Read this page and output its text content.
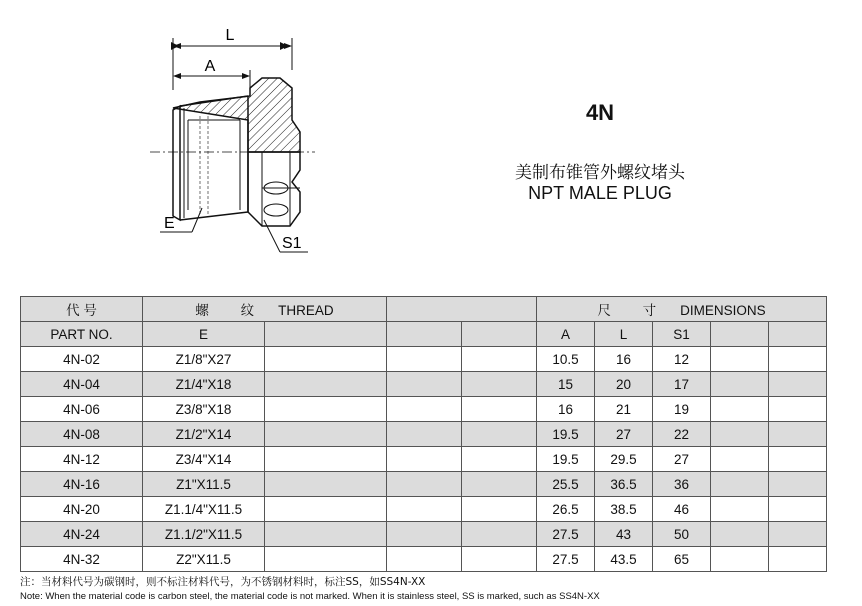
L
A
E
S1
4N
美制布锥管外螺纹堵头
NPT MALE PLUG
代 号	螺 纹 THREAD				尺 寸 DIMENSIONS				
PART NO.	E				A	L	S1		
4N-02	Z1/8"X27				10.5	16	12		
4N-04	Z1/4"X18				15	20	17		
4N-06	Z3/8"X18				16	21	19		
4N-08	Z1/2"X14				19.5	27	22		
4N-12	Z3/4"X14				19.5	29.5	27		
4N-16	Z1"X11.5				25.5	36.5	36		
4N-20	Z1.1/4"X11.5				26.5	38.5	46		
4N-24	Z1.1/2"X11.5				27.5	43	50		
4N-32	Z2"X11.5				27.5	43.5	65		
注：当材料代号为碳钢时，则不标注材料代号，为不锈钢材料时，标注SS，如SS4N-XX
Note: When the material code is carbon steel, the material code is not marked. When it is stainless steel, SS is marked, such as SS4N-XX
